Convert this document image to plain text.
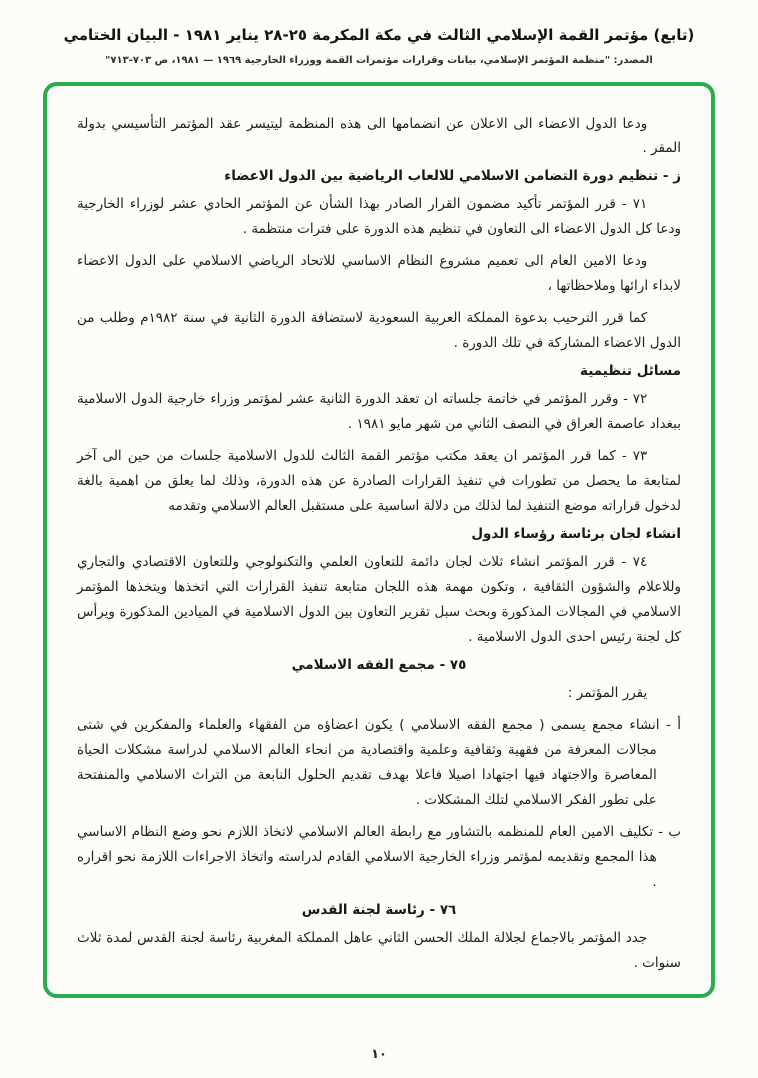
(تابع) مؤتمر القمة الإسلامي الثالث في مكة المكرمة ٢٥-٢٨ يناير ١٩٨١ - البيان الختامي

المصدر: "منظمة المؤتمر الإسلامي، بيانات وقرارات مؤتمرات القمة ووزراء الخارجية ١٩٦٩ — ١٩٨١، ص ٧٠٣-٧١٣"

ودعا الدول الاعضاء الى الاعلان عن انضمامها الى هذه المنظمة ليتيسر عقد المؤتمر التأسيسي بدولة المقر .

ز - تنظيم دورة التضامن الاسلامي للالعاب الرياضية بين الدول الاعضاء

٧١ - قرر المؤتمر تأكيد مضمون القرار الصادر بهذا الشأن عن المؤتمر الحادي عشر لوزراء الخارجية ودعا كل الدول الاعضاء الى التعاون في تنظيم هذه الدورة على فترات منتظمة .

ودعا الامين العام الى تعميم مشروع النظام الاساسي للاتحاد الرياضي الاسلامي على الدول الاعضاء لابداء ارائها وملاحظاتها ،

كما قرر الترحيب بدعوة المملكة العربية السعودية لاستضافة الدورة الثانية في سنة ١٩٨٢م وطلب من الدول الاعضاء المشاركة في تلك الدورة .

مسائل تنظيمية

٧٢ - وقرر المؤتمر في خاتمة جلساته ان تعقد الدورة الثانية عشر لمؤتمر وزراء خارجية الدول الاسلامية ببغداد عاصمة العراق في النصف الثاني من شهر مايو ١٩٨١ .

٧٣ - كما قرر المؤتمر ان يعقد مكتب مؤتمر القمة الثالث للدول الاسلامية جلسات من حين الى آخر لمتابعة ما يحصل من تطورات في تنفيذ القرارات الصادرة عن هذه الدورة، وذلك لما يعلق من اهمية بالغة لدخول قراراته موضع التنفيذ لما لذلك من دلالة اساسية على مستقبل العالم الاسلامي وتقدمه

انشاء لجان برئاسة رؤساء الدول

٧٤ - قرر المؤتمر انشاء ثلاث لجان دائمة للتعاون العلمي والتكنولوجي وللتعاون الاقتصادي والتجاري وللاعلام والشؤون الثقافية ، وتكون مهمة هذه اللجان متابعة تنفيذ القرارات التي اتخذها ويتخذها المؤتمر الاسلامي في المجالات المذكورة وبحث سبل تقرير التعاون بين الدول الاسلامية في الميادين المذكورة ويرأس كل لجنة رئيس احدى الدول الاسلامية .

٧٥ - مجمع الفقه الاسلامي

يقرر المؤتمر :

أ - انشاء مجمع يسمى ( مجمع الفقه الاسلامي ) يكون اعضاؤه من الفقهاء والعلماء والمفكرين في شتى مجالات المعرفة من فقهية وثقافية وعلمية واقتصادية من انحاء العالم الاسلامي لدراسة مشكلات الحياة المعاصرة والاجتهاد فيها اجتهادا اصيلا فاعلا بهدف تقديم الحلول النابعة من التراث الاسلامي والمنفتحة على تطور الفكر الاسلامي لتلك المشكلات .

ب - تكليف الامين العام للمنظمه بالتشاور مع رابطة العالم الاسلامي لاتخاذ اللازم نحو وضع النظام الاساسي هذا المجمع وتقديمه لمؤتمر وزراء الخارجية الاسلامي القادم لدراسته واتخاذ الاجراءات اللازمة نحو اقراره .

٧٦ - رئاسة لجنة القدس

جدد المؤتمر بالاجماع لجلالة الملك الحسن الثاني عاهل المملكة المغربية رئاسة لجنة القدس لمدة ثلاث سنوات .

١٠
